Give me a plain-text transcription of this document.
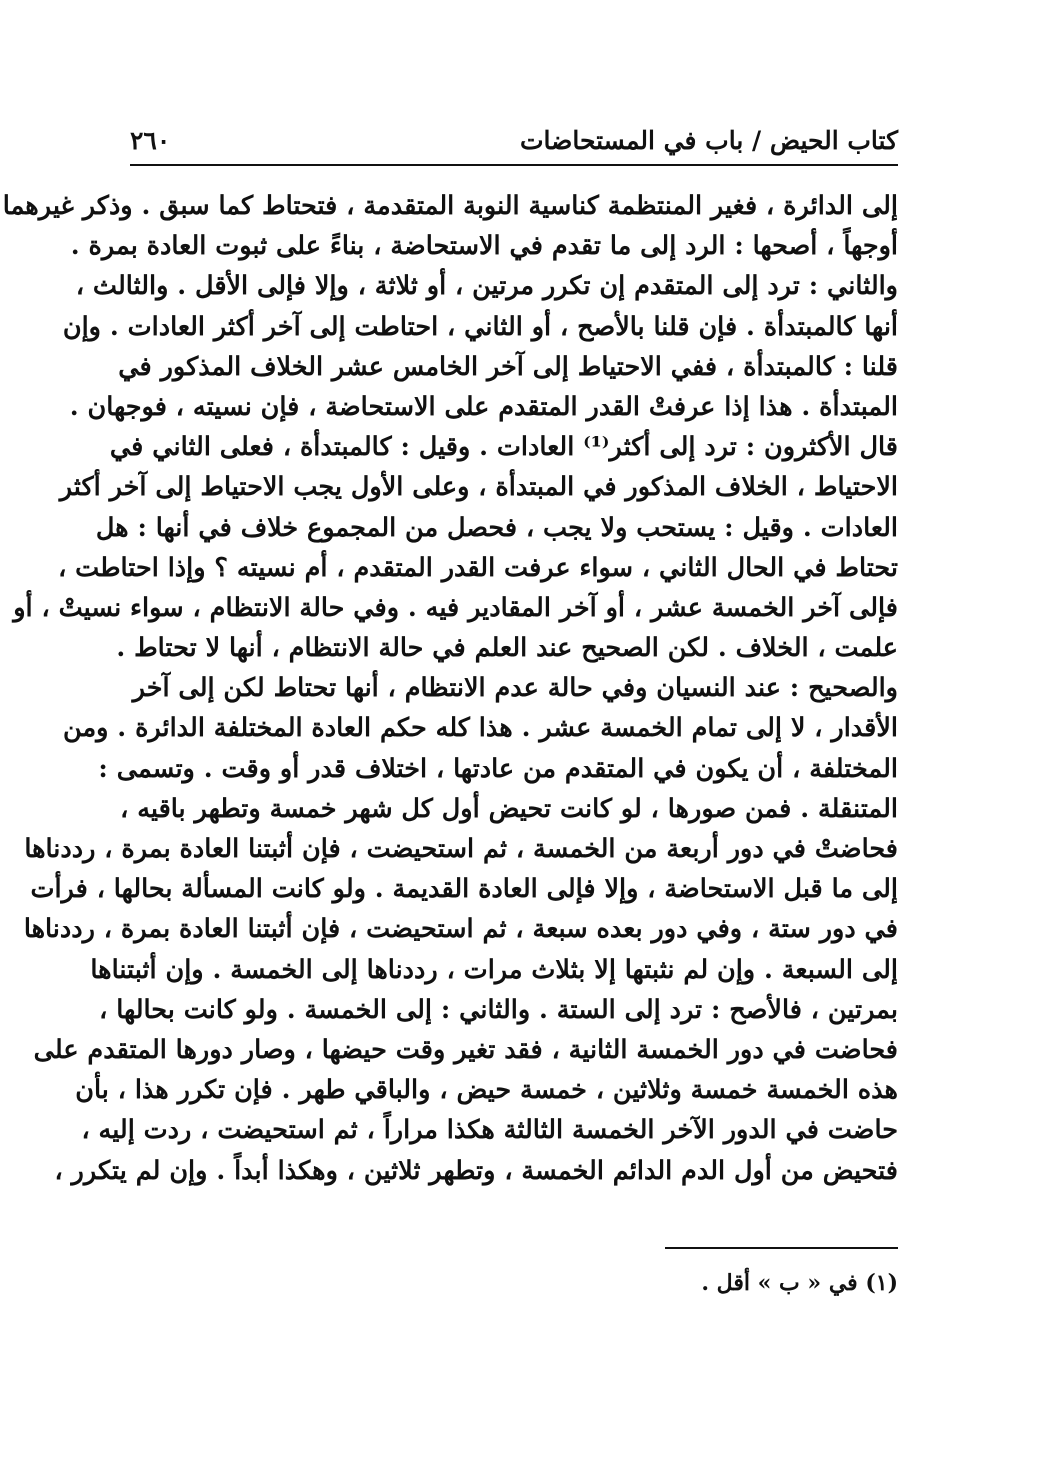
كتاب الحيض / باب في المستحاضات
٢٦٠
إلى الدائرة ، فغير المنتظمة كناسية النوبة المتقدمة ، فتحتاط كما سبق . وذكر غيرهما
أوجهاً ، أصحها : الرد إلى ما تقدم في الاستحاضة ، بناءً على ثبوت العادة بمرة .
والثاني : ترد إلى المتقدم إن تكرر مرتين ، أو ثلاثة ، وإلا فإلى الأقل . والثالث ،
أنها كالمبتدأة . فإن قلنا بالأصح ، أو الثاني ، احتاطت إلى آخر أكثر العادات . وإن
قلنا : كالمبتدأة ، ففي الاحتياط إلى آخر الخامس عشر الخلاف المذكور في
المبتدأة . هذا إذا عرفتْ القدر المتقدم على الاستحاضة ، فإن نسيته ، فوجهان .
قال الأكثرون : ترد إلى أكثر⁽¹⁾ العادات . وقيل : كالمبتدأة ، فعلى الثاني في
الاحتياط ، الخلاف المذكور في المبتدأة ، وعلى الأول يجب الاحتياط إلى آخر أكثر
العادات . وقيل : يستحب ولا يجب ، فحصل من المجموع خلاف في أنها : هل
تحتاط في الحال الثاني ، سواء عرفت القدر المتقدم ، أم نسيته ؟ وإذا احتاطت ،
فإلى آخر الخمسة عشر ، أو آخر المقادير فيه . وفي حالة الانتظام ، سواء نسيتْ ، أو
علمت ، الخلاف . لكن الصحيح عند العلم في حالة الانتظام ، أنها لا تحتاط .
والصحيح : عند النسيان وفي حالة عدم الانتظام ، أنها تحتاط لكن إلى آخر
الأقدار ، لا إلى تمام الخمسة عشر . هذا كله حكم العادة المختلفة الدائرة . ومن
المختلفة ، أن يكون في المتقدم من عادتها ، اختلاف قدر أو وقت . وتسمى :
المتنقلة . فمن صورها ، لو كانت تحيض أول كل شهر خمسة وتطهر باقيه ،
فحاضتْ في دور أربعة من الخمسة ، ثم استحيضت ، فإن أثبتنا العادة بمرة ، رددناها
إلى ما قبل الاستحاضة ، وإلا فإلى العادة القديمة . ولو كانت المسألة بحالها ، فرأت
في دور ستة ، وفي دور بعده سبعة ، ثم استحيضت ، فإن أثبتنا العادة بمرة ، رددناها
إلى السبعة . وإن لم نثبتها إلا بثلاث مرات ، رددناها إلى الخمسة . وإن أثبتناها
بمرتين ، فالأصح : ترد إلى الستة . والثاني : إلى الخمسة . ولو كانت بحالها ،
فحاضت في دور الخمسة الثانية ، فقد تغير وقت حيضها ، وصار دورها المتقدم على
هذه الخمسة خمسة وثلاثين ، خمسة حيض ، والباقي طهر . فإن تكرر هذا ، بأن
حاضت في الدور الآخر الخمسة الثالثة هكذا مراراً ، ثم استحيضت ، ردت إليه ،
فتحيض من أول الدم الدائم الخمسة ، وتطهر ثلاثين ، وهكذا أبداً . وإن لم يتكرر ،
(١) في « ب » أقل .
